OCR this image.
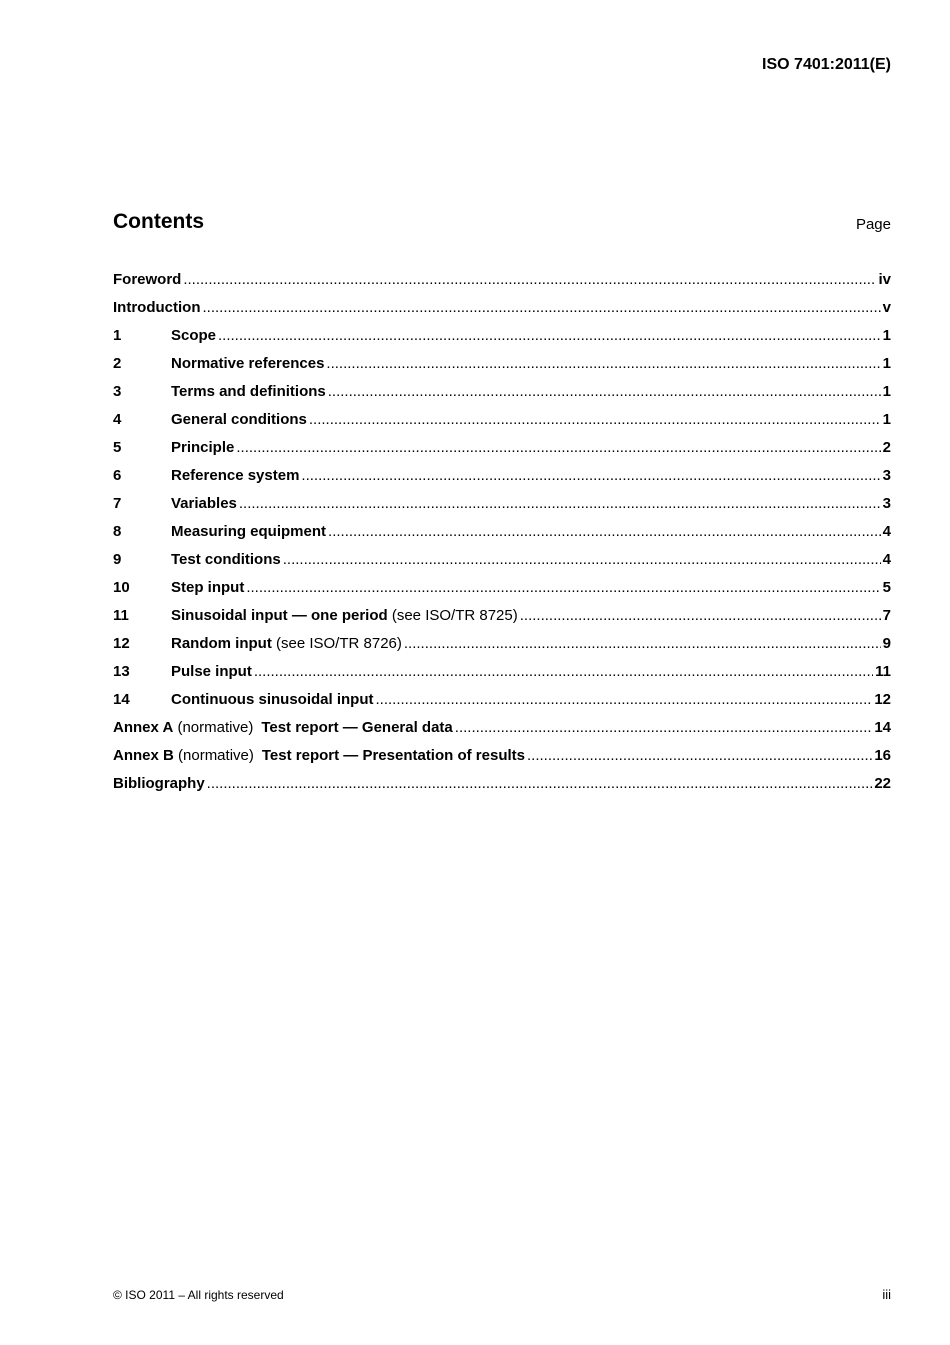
ISO 7401:2011(E)
Contents	Page
Foreword .....	iv
Introduction .....	v
1	Scope .....	1
2	Normative references .....	1
3	Terms and definitions .....	1
4	General conditions .....	1
5	Principle .....	2
6	Reference system .....	3
7	Variables .....	3
8	Measuring equipment .....	4
9	Test conditions .....	4
10	Step input .....	5
11	Sinusoidal input — one period (see ISO/TR 8725) .....	7
12	Random input (see ISO/TR 8726) .....	9
13	Pulse input .....	11
14	Continuous sinusoidal input .....	12
Annex A (normative) Test report — General data .....	14
Annex B (normative) Test report — Presentation of results .....	16
Bibliography .....	22
© ISO 2011 – All rights reserved	iii
